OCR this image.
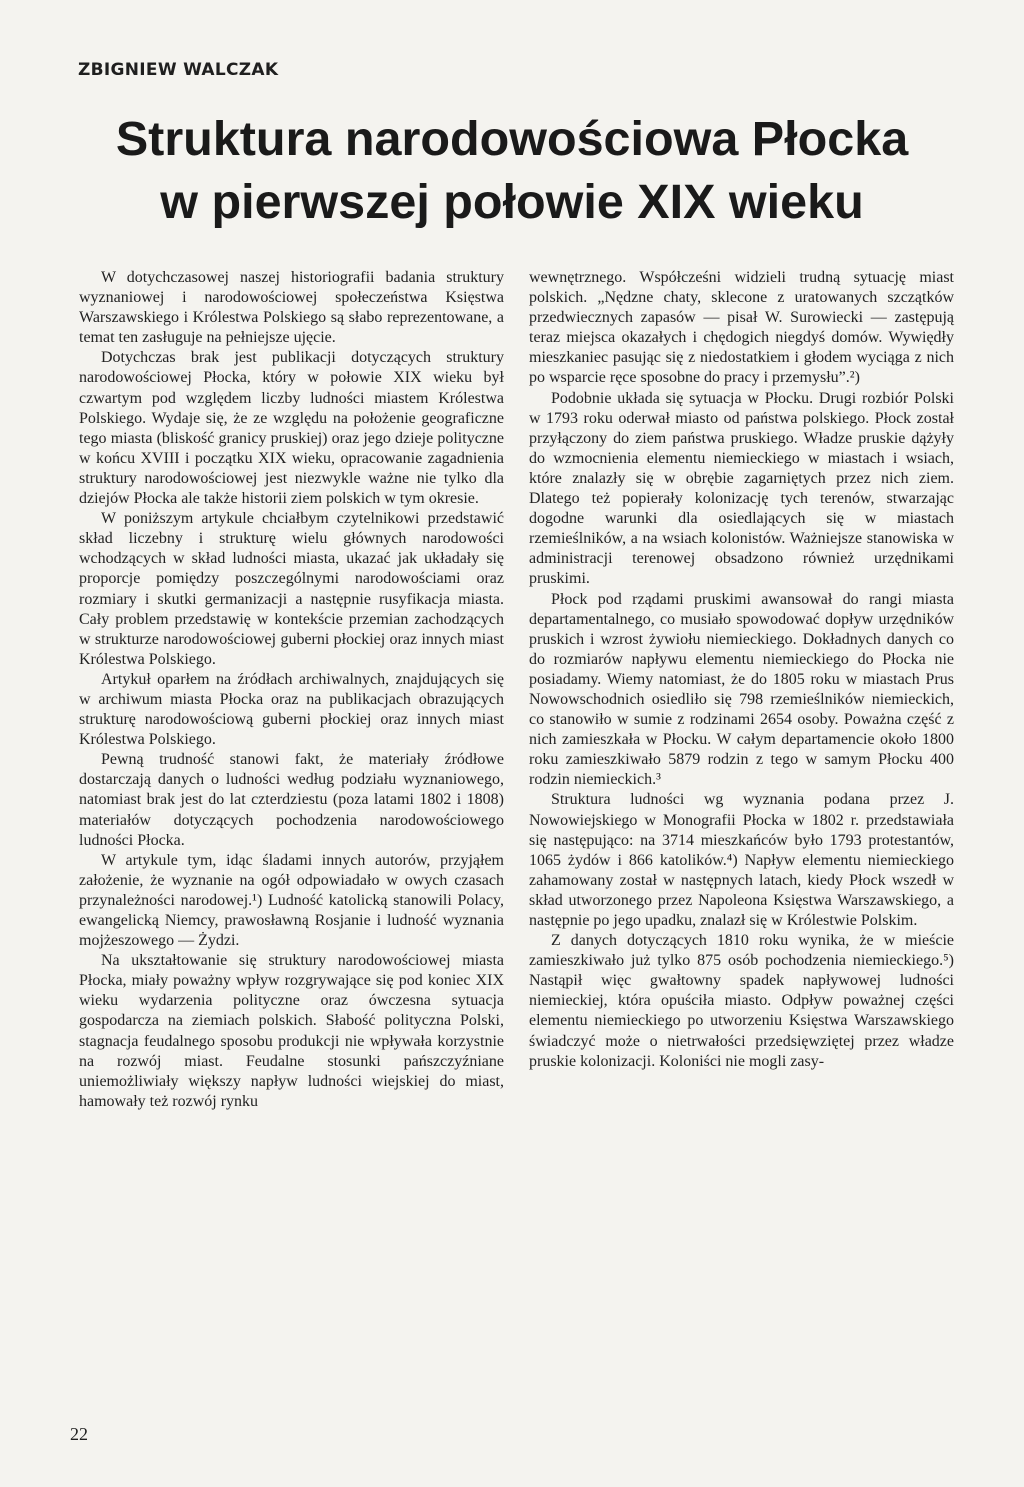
ZBIGNIEW WALCZAK

Struktura narodowościowa Płocka
w pierwszej połowie XIX wieku

W dotychczasowej naszej historiografii badania struktury wyznaniowej i narodowościowej społeczeństwa Księstwa Warszawskiego i Królestwa Polskiego są słabo reprezentowane, a temat ten zasługuje na pełniejsze ujęcie.

Dotychczas brak jest publikacji dotyczących struktury narodowościowej Płocka, który w połowie XIX wieku był czwartym pod względem liczby ludności miastem Królestwa Polskiego. Wydaje się, że ze względu na położenie geograficzne tego miasta (bliskość granicy pruskiej) oraz jego dzieje polityczne w końcu XVIII i początku XIX wieku, opracowanie zagadnienia struktury narodowościowej jest niezwykle ważne nie tylko dla dziejów Płocka ale także historii ziem polskich w tym okresie.

W poniższym artykule chciałbym czytelnikowi przedstawić skład liczebny i strukturę wielu głównych narodowości wchodzących w skład ludności miasta, ukazać jak układały się proporcje pomiędzy poszczególnymi narodowościami oraz rozmiary i skutki germanizacji a następnie rusyfikacja miasta. Cały problem przedstawię w kontekście przemian zachodzących w strukturze narodowościowej guberni płockiej oraz innych miast Królestwa Polskiego.

Artykuł oparłem na źródłach archiwalnych, znajdujących się w archiwum miasta Płocka oraz na publikacjach obrazujących strukturę narodowościową guberni płockiej oraz innych miast Królestwa Polskiego.

Pewną trudność stanowi fakt, że materiały źródłowe dostarczają danych o ludności według podziału wyznaniowego, natomiast brak jest do lat czterdziestu (poza latami 1802 i 1808) materiałów dotyczących pochodzenia narodowościowego ludności Płocka.

W artykule tym, idąc śladami innych autorów, przyjąłem założenie, że wyznanie na ogół odpowiadało w owych czasach przynależności narodowej.¹) Ludność katolicką stanowili Polacy, ewangelicką Niemcy, prawosławną Rosjanie i ludność wyznania mojżeszowego — Żydzi.

Na ukształtowanie się struktury narodowościowej miasta Płocka, miały poważny wpływ rozgrywające się pod koniec XIX wieku wydarzenia polityczne oraz ówczesna sytuacja gospodarcza na ziemiach polskich. Słabość polityczna Polski, stagnacja feudalnego sposobu produkcji nie wpływała korzystnie na rozwój miast. Feudalne stosunki pańszczyźniane uniemożliwiały większy napływ ludności wiejskiej do miast, hamowały też rozwój rynku

wewnętrznego. Współcześni widzieli trudną sytuację miast polskich. „Nędzne chaty, sklecone z uratowanych szczątków przedwiecznych zapasów — pisał W. Surowiecki — zastępują teraz miejsca okazałych i chędogich niegdyś domów. Wywiędły mieszkaniec pasując się z niedostatkiem i głodem wyciąga z nich po wsparcie ręce sposobne do pracy i przemysłu”.²)

Podobnie układa się sytuacja w Płocku. Drugi rozbiór Polski w 1793 roku oderwał miasto od państwa polskiego. Płock został przyłączony do ziem państwa pruskiego. Władze pruskie dążyły do wzmocnienia elementu niemieckiego w miastach i wsiach, które znalazły się w obrębie zagarniętych przez nich ziem. Dlatego też popierały kolonizację tych terenów, stwarzając dogodne warunki dla osiedlających się w miastach rzemieślników, a na wsiach kolonistów. Ważniejsze stanowiska w administracji terenowej obsadzono również urzędnikami pruskimi.

Płock pod rządami pruskimi awansował do rangi miasta departamentalnego, co musiało spowodować dopływ urzędników pruskich i wzrost żywiołu niemieckiego. Dokładnych danych co do rozmiarów napływu elementu niemieckiego do Płocka nie posiadamy. Wiemy natomiast, że do 1805 roku w miastach Prus Nowowschodnich osiedliło się 798 rzemieślników niemieckich, co stanowiło w sumie z rodzinami 2654 osoby. Poważna część z nich zamieszkała w Płocku. W całym departamencie około 1800 roku zamieszkiwało 5879 rodzin z tego w samym Płocku 400 rodzin niemieckich.³

Struktura ludności wg wyznania podana przez J. Nowowiejskiego w Monografii Płocka w 1802 r. przedstawiała się następująco: na 3714 mieszkańców było 1793 protestantów, 1065 żydów i 866 katolików.⁴) Napływ elementu niemieckiego zahamowany został w następnych latach, kiedy Płock wszedł w skład utworzonego przez Napoleona Księstwa Warszawskiego, a następnie po jego upadku, znalazł się w Królestwie Polskim.

Z danych dotyczących 1810 roku wynika, że w mieście zamieszkiwało już tylko 875 osób pochodzenia niemieckiego.⁵) Nastąpił więc gwałtowny spadek napływowej ludności niemieckiej, która opuściła miasto. Odpływ poważnej części elementu niemieckiego po utworzeniu Księstwa Warszawskiego świadczyć może o nietrwałości przedsięwziętej przez władze pruskie kolonizacji. Koloniści nie mogli zasy-

22
